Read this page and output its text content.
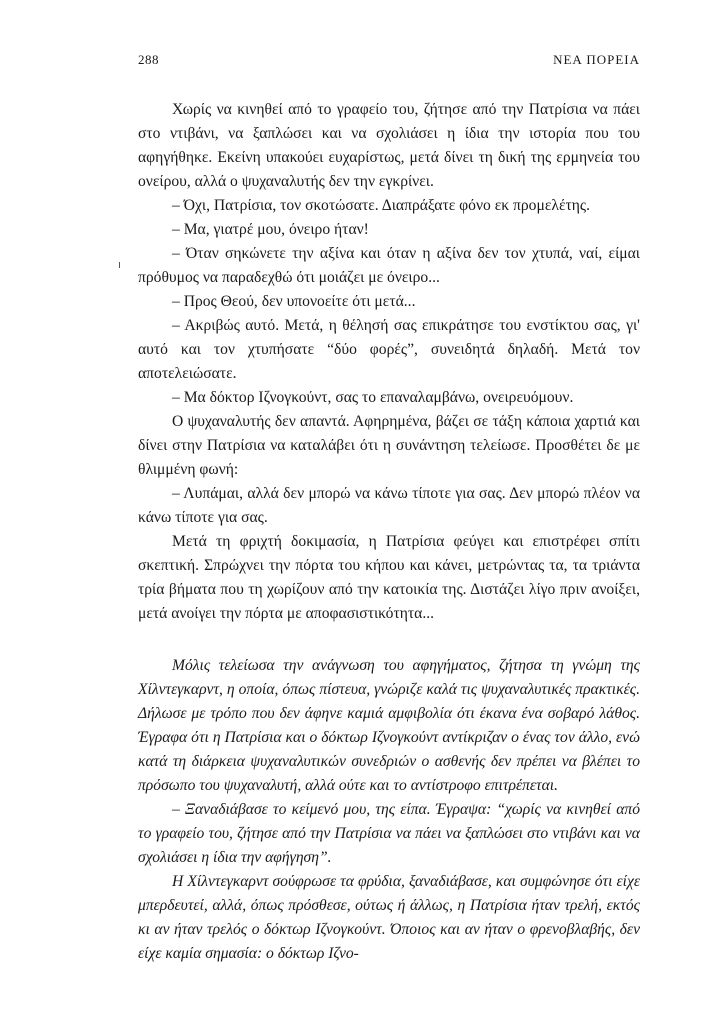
288	ΝΕΑ ΠΟΡΕΙΑ

Χωρίς να κινηθεί από το γραφείο του, ζήτησε από την Πατρίσια να πάει στο ντιβάνι, να ξαπλώσει και να σχολιάσει η ίδια την ιστορία που του αφηγήθηκε. Εκείνη υπακούει ευχαρίστως, μετά δίνει τη δική της ερμηνεία του ονείρου, αλλά ο ψυχαναλυτής δεν την εγκρίνει.

– Όχι, Πατρίσια, τον σκοτώσατε. Διαπράξατε φόνο εκ προμελέτης.

– Μα, γιατρέ μου, όνειρο ήταν!

– Όταν σηκώνετε την αξίνα και όταν η αξίνα δεν τον χτυπά, ναί, είμαι πρόθυμος να παραδεχθώ ότι μοιάζει με όνειρο...

– Προς Θεού, δεν υπονοείτε ότι μετά...

– Ακριβώς αυτό. Μετά, η θέλησή σας επικράτησε του ενστίκτου σας, γι' αυτό και τον χτυπήσατε “δύο φορές”, συνειδητά δηλαδή. Μετά τον αποτελειώσατε.

– Μα δόκτορ Ιζνογκούντ, σας το επαναλαμβάνω, ονειρευόμουν.

Ο ψυχαναλυτής δεν απαντά. Αφηρημένα, βάζει σε τάξη κάποια χαρτιά και δίνει στην Πατρίσια να καταλάβει ότι η συνάντηση τελείωσε. Προσθέτει δε με θλιμμένη φωνή:

– Λυπάμαι, αλλά δεν μπορώ να κάνω τίποτε για σας. Δεν μπορώ πλέον να κάνω τίποτε για σας.

Μετά τη φριχτή δοκιμασία, η Πατρίσια φεύγει και επιστρέφει σπίτι σκεπτική. Σπρώχνει την πόρτα του κήπου και κάνει, μετρώντας τα, τα τριάντα τρία βήματα που τη χωρίζουν από την κατοικία της. Διστάζει λίγο πριν ανοίξει, μετά ανοίγει την πόρτα με αποφασιστικότητα...

Μόλις τελείωσα την ανάγνωση του αφηγήματος, ζήτησα τη γνώμη της Χίλντεγκαρντ, η οποία, όπως πίστευα, γνώριζε καλά τις ψυχαναλυτικές πρακτικές. Δήλωσε με τρόπο που δεν άφηνε καμιά αμφιβολία ότι έκανα ένα σοβαρό λάθος. Έγραφα ότι η Πατρίσια και ο δόκτωρ Ιζνογκούντ αντίκριζαν ο ένας τον άλλο, ενώ κατά τη διάρκεια ψυχαναλυτικών συνεδριών ο ασθενής δεν πρέπει να βλέπει το πρόσωπο του ψυχαναλυτή, αλλά ούτε και το αντίστροφο επιτρέπεται.

– Ξαναδιάβασε το κείμενό μου, της είπα. Έγραψα: “χωρίς να κινηθεί από το γραφείο του, ζήτησε από την Πατρίσια να πάει να ξαπλώσει στο ντιβάνι και να σχολιάσει η ίδια την αφήγηση”.

Η Χίλντεγκαρντ σούφρωσε τα φρύδια, ξαναδιάβασε, και συμφώνησε ότι είχε μπερδευτεί, αλλά, όπως πρόσθεσε, ούτως ή άλλως, η Πατρίσια ήταν τρελή, εκτός κι αν ήταν τρελός ο δόκτωρ Ιζνογκούντ. Όποιος και αν ήταν ο φρενοβλαβής, δεν είχε καμία σημασία: ο δόκτωρ Ιζνο-
